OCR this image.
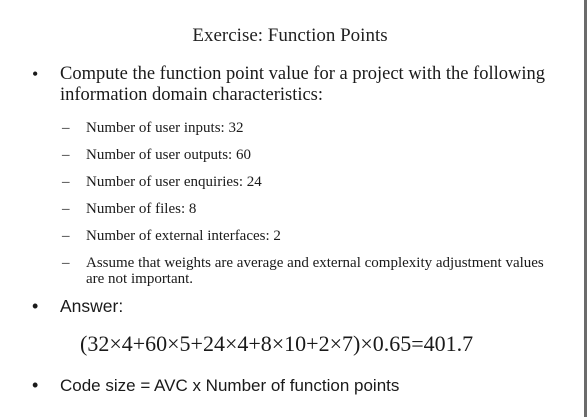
Exercise: Function Points
• Compute the function point value for a project with the following information domain characteristics:
– Number of user inputs: 32
– Number of user outputs: 60
– Number of user enquiries: 24
– Number of files: 8
– Number of external interfaces: 2
– Assume that weights are average and external complexity adjustment values are not important.
• Answer:
(32×4+60×5+24×4+8×10+2×7)×0.65=401.7
• Code size = AVC x Number of function points
